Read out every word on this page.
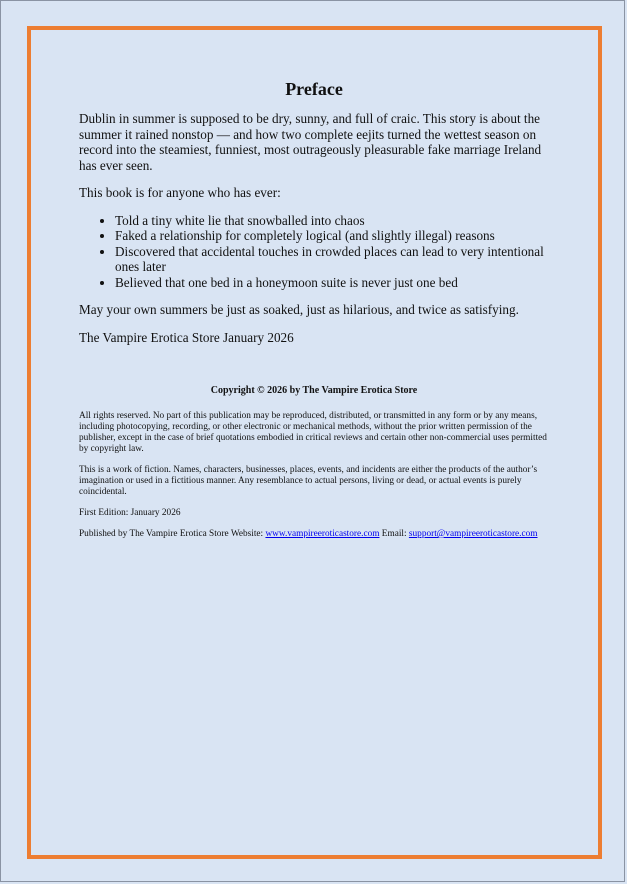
Preface

Dublin in summer is supposed to be dry, sunny, and full of craic. This story is about the summer it rained nonstop — and how two complete eejits turned the wettest season on record into the steamiest, funniest, most outrageously pleasurable fake marriage Ireland has ever seen.

This book is for anyone who has ever:

• Told a tiny white lie that snowballed into chaos
• Faked a relationship for completely logical (and slightly illegal) reasons
• Discovered that accidental touches in crowded places can lead to very intentional ones later
• Believed that one bed in a honeymoon suite is never just one bed

May your own summers be just as soaked, just as hilarious, and twice as satisfying.

The Vampire Erotica Store January 2026

Copyright © 2026 by The Vampire Erotica Store

All rights reserved. No part of this publication may be reproduced, distributed, or transmitted in any form or by any means, including photocopying, recording, or other electronic or mechanical methods, without the prior written permission of the publisher, except in the case of brief quotations embodied in critical reviews and certain other non-commercial uses permitted by copyright law.

This is a work of fiction. Names, characters, businesses, places, events, and incidents are either the products of the author’s imagination or used in a fictitious manner. Any resemblance to actual persons, living or dead, or actual events is purely coincidental.

First Edition: January 2026

Published by The Vampire Erotica Store Website: www.vampireeroticastore.com Email: support@vampireeroticastore.com
